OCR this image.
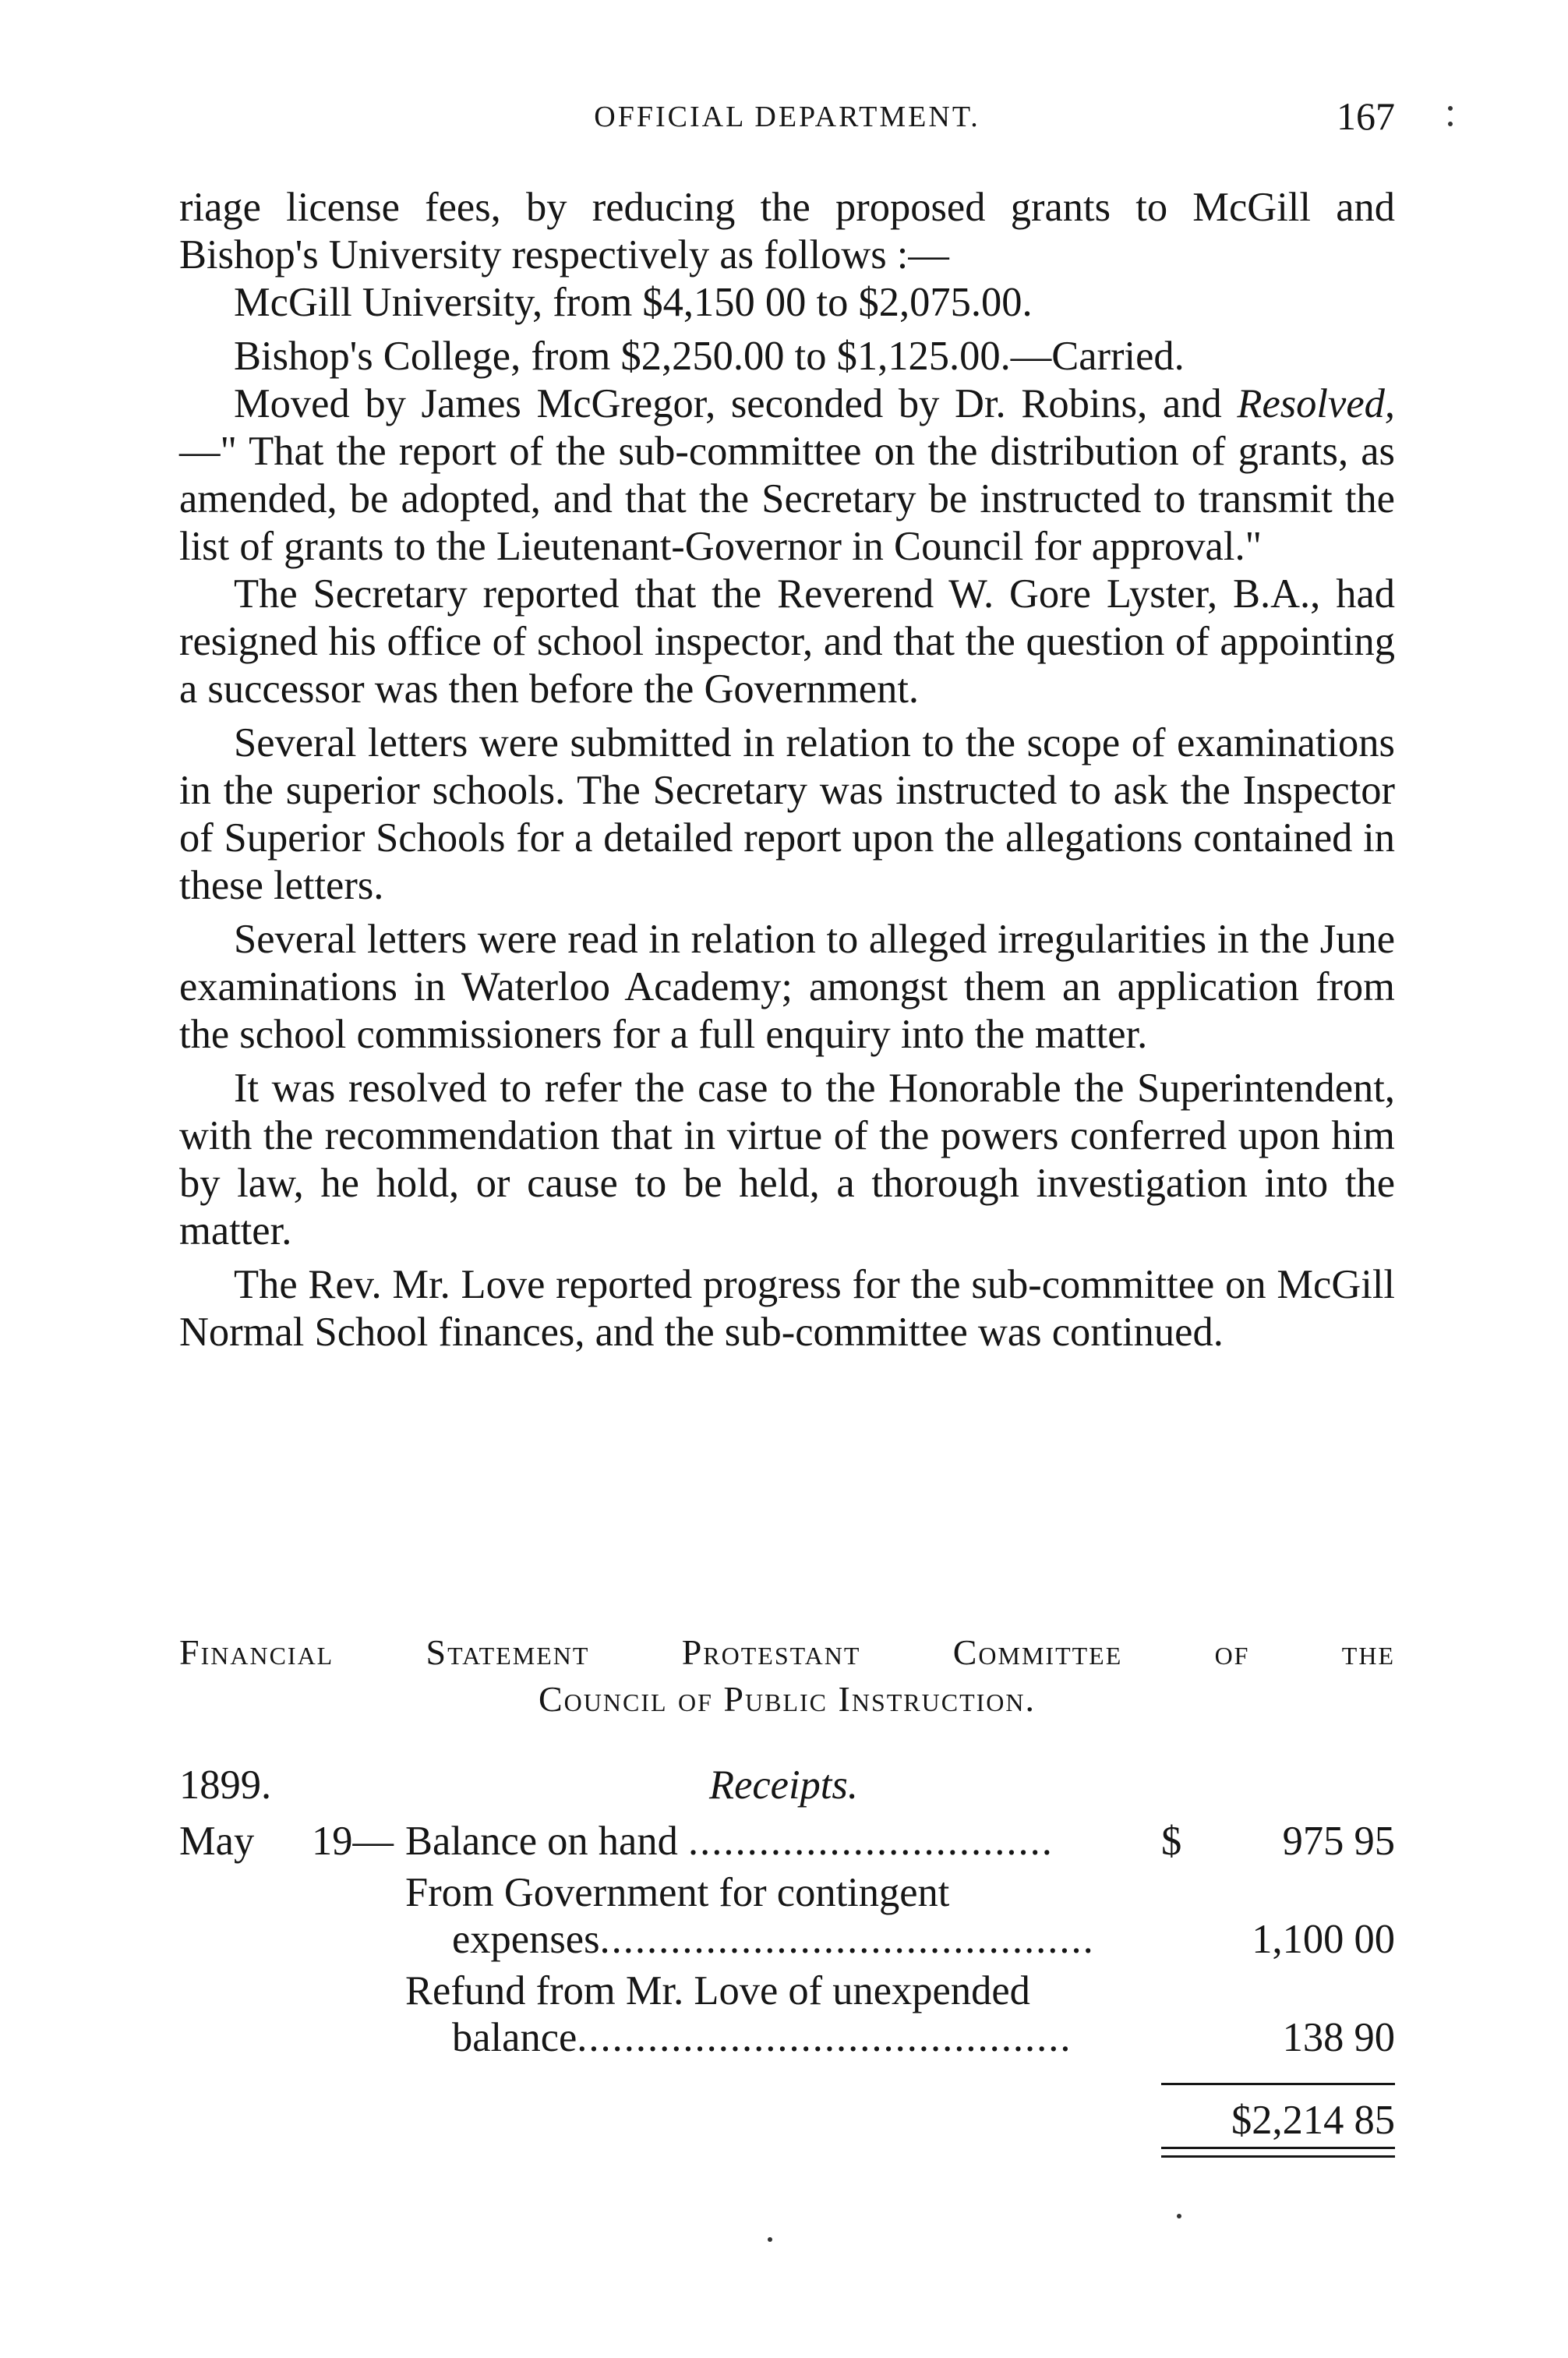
OFFICIAL DEPARTMENT.	167

riage license fees, by reducing the proposed grants to McGill and Bishop's University respectively as follows :—

McGill University, from $4,150 00 to $2,075.00.

Bishop's College, from $2,250.00 to $1,125.00.—Carried.

Moved by James McGregor, seconded by Dr. Robins, and Resolved,—" That the report of the sub-committee on the distribution of grants, as amended, be adopted, and that the Secretary be instructed to transmit the list of grants to the Lieutenant-Governor in Council for approval."

The Secretary reported that the Reverend W. Gore Lyster, B.A., had resigned his office of school inspector, and that the question of appointing a successor was then before the Government.

Several letters were submitted in relation to the scope of examinations in the superior schools. The Secretary was instructed to ask the Inspector of Superior Schools for a detailed report upon the allegations contained in these letters.

Several letters were read in relation to alleged irregularities in the June examinations in Waterloo Academy; amongst them an application from the school commissioners for a full enquiry into the matter.

It was resolved to refer the case to the Honorable the Superintendent, with the recommendation that in virtue of the powers conferred upon him by law, he hold, or cause to be held, a thorough investigation into the matter.

The Rev. Mr. Love reported progress for the sub-committee on McGill Normal School finances, and the sub-committee was continued.

Financial Statement Protestant Committee of the
Council of Public Instruction.
1899.	Receipts.
May 19— Balance on hand ...............................	$ 975 95
From Government for contingent
expenses..........................................	1,100 00
Refund from Mr. Love of unexpended
balance..........................................	138 90
$2,214 85
